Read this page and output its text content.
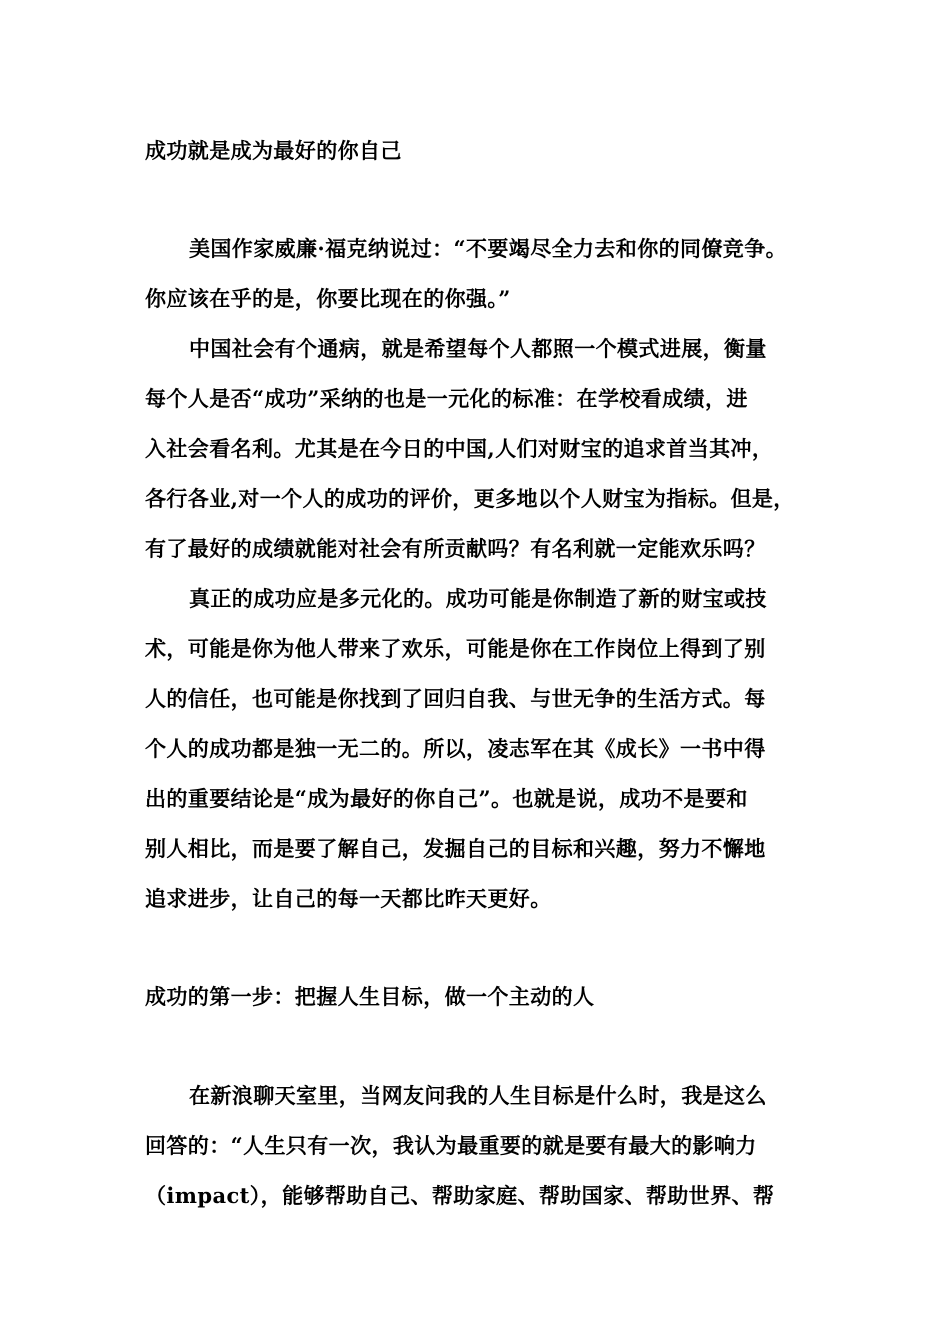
成功就是成为最好的你自己
美国作家威廉·福克纳说过：“不要竭尽全力去和你的同僚竞争。
你应该在乎的是，你要比现在的你强。”
中国社会有个通病，就是希望每个人都照一个模式进展，衡量
每个人是否“成功”采纳的也是一元化的标准：在学校看成绩，进
入社会看名利。尤其是在今日的中国,人们对财宝的追求首当其冲，
各行各业,对一个人的成功的评价，更多地以个人财宝为指标。但是，
有了最好的成绩就能对社会有所贡献吗？有名利就一定能欢乐吗？
真正的成功应是多元化的。成功可能是你制造了新的财宝或技
术，可能是你为他人带来了欢乐，可能是你在工作岗位上得到了别
人的信任，也可能是你找到了回归自我、与世无争的生活方式。每
个人的成功都是独一无二的。所以，凌志军在其《成长》一书中得
出的重要结论是“成为最好的你自己”。也就是说，成功不是要和
别人相比，而是要了解自己，发掘自己的目标和兴趣，努力不懈地
追求进步，让自己的每一天都比昨天更好。
成功的第一步：把握人生目标，做一个主动的人
在新浪聊天室里，当网友问我的人生目标是什么时，我是这么
回答的：“人生只有一次，我认为最重要的就是要有最大的影响力
（impact），能够帮助自己、帮助家庭、帮助国家、帮助世界、帮
